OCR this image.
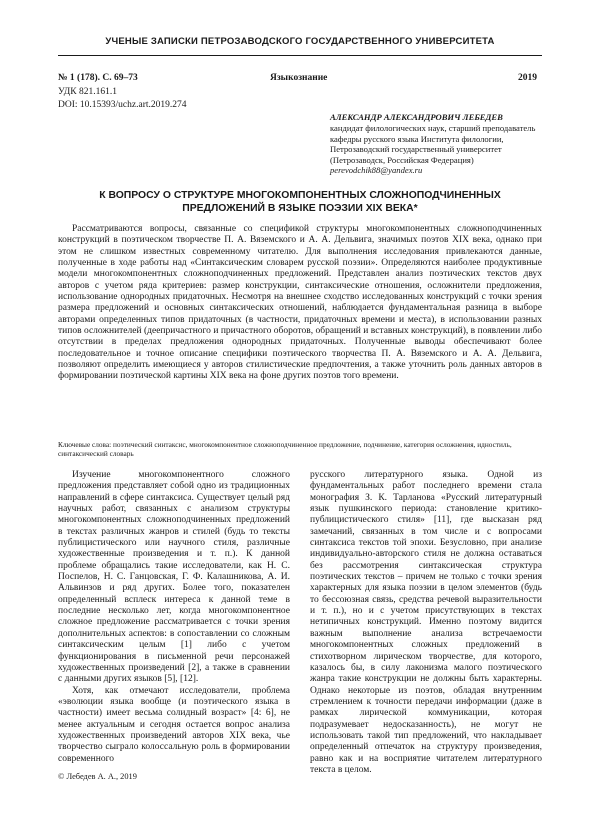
УЧЕНЫЕ ЗАПИСКИ ПЕТРОЗАВОДСКОГО ГОСУДАРСТВЕННОГО УНИВЕРСИТЕТА
№ 1 (178). С. 69–73	Языкознание	2019
УДК 821.161.1
DOI: 10.15393/uchz.art.2019.274
АЛЕКСАНДР АЛЕКСАНДРОВИЧ ЛЕБЕДЕВ
кандидат филологических наук, старший преподаватель кафедры русского языка Института филологии, Петрозаводский государственный университет (Петрозаводск, Российская Федерация)
perevodchik88@yandex.ru
К ВОПРОСУ О СТРУКТУРЕ МНОГОКОМПОНЕНТНЫХ СЛОЖНОПОДЧИНЕННЫХ ПРЕДЛОЖЕНИЙ В ЯЗЫКЕ ПОЭЗИИ XIX ВЕКА*
Рассматриваются вопросы, связанные со спецификой структуры многокомпонентных сложноподчиненных конструкций в поэтическом творчестве П. А. Вяземского и А. А. Дельвига, значимых поэтов XIX века, однако при этом не слишком известных современному читателю. Для выполнения исследования привлекаются данные, полученные в ходе работы над «Синтаксическим словарем русской поэзии». Определяются наиболее продуктивные модели многокомпонентных сложноподчиненных предложений. Представлен анализ поэтических текстов двух авторов с учетом ряда критериев: размер конструкции, синтаксические отношения, осложнители предложения, использование однородных придаточных. Несмотря на внешнее сходство исследованных конструкций с точки зрения размера предложений и основных синтаксических отношений, наблюдается фундаментальная разница в выборе авторами определенных типов придаточных (в частности, придаточных времени и места), в использовании разных типов осложнителей (деепричастного и причастного оборотов, обращений и вставных конструкций), в появлении либо отсутствии в пределах предложения однородных придаточных. Полученные выводы обеспечивают более последовательное и точное описание специфики поэтического творчества П. А. Вяземского и А. А. Дельвига, позволяют определить имеющиеся у авторов стилистические предпочтения, а также уточнить роль данных авторов в формировании поэтической картины XIX века на фоне других поэтов того времени.
Ключевые слова: поэтический синтаксис, многокомпонентное сложноподчиненное предложение, подчинение, категория осложнения, идностиль, синтаксический словарь

Изучение многокомпонентного сложного предложения представляет собой одно из традиционных направлений в сфере синтаксиса. Существует целый ряд научных работ, связанных с анализом структуры многокомпонентных сложноподчиненных предложений в текстах различных жанров и стилей (будь то тексты публицистического или научного стиля, различные художественные произведения и т. п.). К данной проблеме обращались такие исследователи, как Н. С. Поспелов, Н. С. Ганцовская, Г. Ф. Калашникова, А. И. Альвинзов и ряд других. Более того, показателен определенный всплеск интереса к данной теме в последние несколько лет, когда многокомпонентное сложное предложение рассматривается с точки зрения дополнительных аспектов: в сопоставлении со сложным синтаксическим целым [1] либо с учетом функционирования в письменной речи персонажей художественных произведений [2], а также в сравнении с данными других языков [5], [12].

Хотя, как отмечают исследователи, проблема «эволюции языка вообще (и поэтического языка в частности) имеет весьма солидный возраст» [4: 6], не менее актуальным и сегодня остается вопрос анализа художественных произведений авторов XIX века, чье творчество сыграло колоссальную роль в формировании современного

русского литературного языка. Одной из фундаментальных работ последнего времени стала монография З. К. Тарланова «Русский литературный язык пушкинского периода: становление критико-публицистического стиля» [11], где высказан ряд замечаний, связанных в том числе и с вопросами синтаксиса текстов той эпохи. Безусловно, при анализе индивидуально-авторского стиля не должна оставаться без рассмотрения синтаксическая структура поэтических текстов – причем не только с точки зрения характерных для языка поэзии в целом элементов (будь то бессоюзная связь, средства речевой выразительности и т. п.), но и с учетом присутствующих в текстах нетипичных конструкций. Именно поэтому видится важным выполнение анализа встречаемости многокомпонентных сложных предложений в стихотворном лирическом творчестве, для которого, казалось бы, в силу лаконизма малого поэтического жанра такие конструкции не должны быть характерны. Однако некоторые из поэтов, обладая внутренним стремлением к точности передачи информации (даже в рамках лирической коммуникации, которая подразумевает недосказанность), не могут не использовать такой тип предложений, что накладывает определенный отпечаток на структуру произведения, равно как и на восприятие читателем литературного текста в целом.

© Лебедев А. А., 2019
